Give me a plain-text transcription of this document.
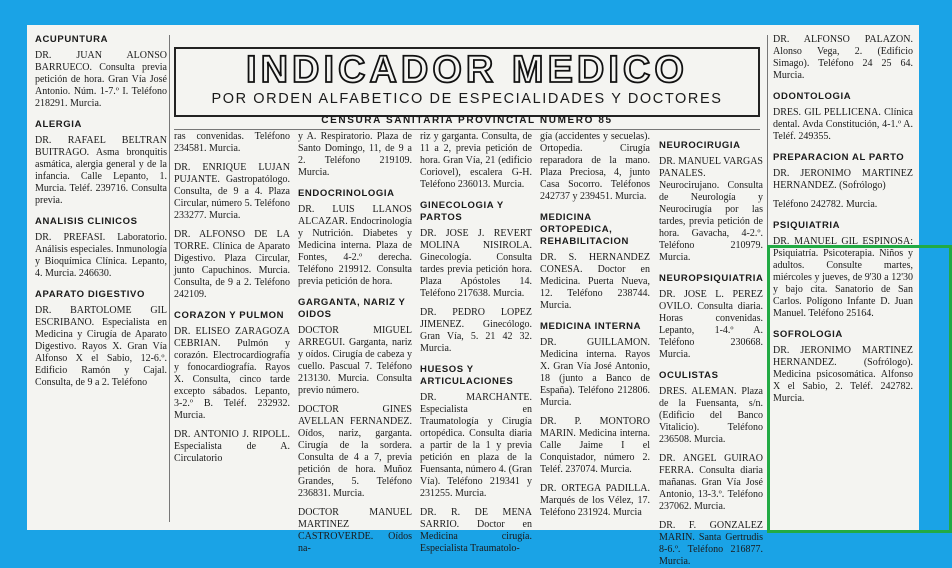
ACUPUNTURA
DR. JUAN ALONSO BARRUECO. Consulta previa petición de hora. Gran Vía José Antonio. Núm. 1-7.º I. Teléfono 218291. Murcia.
ALERGIA
DR. RAFAEL BELTRAN BUITRAGO. Asma bronquitis asmática, alergia general y de la infancia. Calle Lepanto, 1. Murcia. Teléf. 239716. Consulta previa.
ANALISIS CLINICOS
DR. PREFASI. Laboratorio. Análisis especiales. Inmunología y Bioquímica Clínica. Lepanto, 4. Murcia. 246630.
APARATO DIGESTIVO
DR. BARTOLOME GIL ESCRIBANO. Especialista en Medicina y Cirugía de Aparato Digestivo. Rayos X. Gran Vía Alfonso X el Sabio, 12-6.º. Edificio Ramón y Cajal. Consulta, de 9 a 2. Teléfono
INDICADOR MEDICO
POR ORDEN ALFABETICO DE ESPECIALIDADES Y DOCTORES
CENSURA SANITARIA PROVINCIAL NUMERO 85
ras convenidas. Teléfono 234581. Murcia.
DR. ENRIQUE LUJAN PUJANTE. Gastropatólogo. Consulta, de 9 a 4. Plaza Circular, número 5. Teléfono 233277. Murcia.
DR. ALFONSO DE LA TORRE. Clínica de Aparato Digestivo. Plaza Circular, junto Capuchinos. Murcia. Consulta, de 9 a 2. Teléfono 242109.
CORAZON Y PULMON
DR. ELISEO ZARAGOZA CEBRIAN. Pulmón y corazón. Electrocardiografía y fonocardiografía. Rayos X. Consulta, cinco tarde excepto sábados. Lepanto, 3-2.º B. Teléf. 232932. Murcia.
DR. ANTONIO J. RIPOLL. Especialista de A. Circulatorio
y A. Respiratorio. Plaza de Santo Domingo, 11, de 9 a 2. Teléfono 219109. Murcia.
ENDOCRINOLOGIA
DR. LUIS LLANOS ALCAZAR. Endocrinología y Nutrición. Diabetes y Medicina interna. Plaza de Fontes, 4-2.º derecha. Teléfono 219912. Consulta previa petición de hora.
GARGANTA, NARIZ Y OIDOS
DOCTOR MIGUEL ARREGUI. Garganta, nariz y oídos. Cirugía de cabeza y cuello. Pascual 7. Teléfono 213130. Murcia. Consulta previo número.
DOCTOR GINES AVELLAN FERNANDEZ. Oídos, nariz, garganta. Cirugía de la sordera. Consulta de 4 a 7, previa petición de hora. Muñoz Grandes, 5. Teléfono 236831. Murcia.
DOCTOR MANUEL MARTINEZ CASTROVERDE. Oídos na-
riz y garganta. Consulta, de 11 a 2, previa petición de hora. Gran Vía, 21 (edificio Coriovel), escalera G-H. Teléfono 236013. Murcia.
GINECOLOGIA Y PARTOS
DR. JOSE J. REVERT MOLINA NISIROLA. Ginecología. Consulta tardes previa petición hora. Plaza Apóstoles 14. Teléfono 217638. Murcia.
DR. PEDRO LOPEZ JIMENEZ. Ginecólogo. Gran Vía, 5. 21 42 32. Murcia.
HUESOS Y ARTICULACIONES
DR. MARCHANTE. Especialista en Traumatología y Cirugía ortopédica. Consulta diaria a partir de la 1 y previa petición en plaza de la Fuensanta, número 4. (Gran Vía). Teléfono 219341 y 231255. Murcia.
DR. R. DE MENA SARRIO. Doctor en Medicina cirugía. Especialista Traumatolo-
gía (accidentes y secuelas). Ortopedia. Cirugía reparadora de la mano. Plaza Preciosa, 4, junto Casa Socorro. Teléfonos 242737 y 239451. Murcia.
MEDICINA ORTOPEDICA, REHABILITACION
DR. S. HERNANDEZ CONESA. Doctor en Medicina. Puerta Nueva, 12. Teléfono 238744. Murcia.
MEDICINA INTERNA
DR. GUILLAMON. Medicina interna. Rayos X. Gran Vía José Antonio, 18 (junto a Banco de España). Teléfono 212806. Murcia.
DR. P. MONTORO MARIN. Medicina interna. Calle Jaime I el Conquistador, número 2. Teléf. 237074. Murcia.
DR. ORTEGA PADILLA. Marqués de los Vélez, 17. Teléfono 231924. Murcia
NEUROCIRUGIA
DR. MANUEL VARGAS PANALES. Neurocirujano. Consulta de Neurología y Neurocirugía por las tardes, previa petición de hora. Gavacha, 4-2.º. Teléfono 210979. Murcia.
NEUROPSIQUIATRIA
DR. JOSE L. PEREZ OVILO. Consulta diaria. Horas convenidas. Lepanto, 1-4.º A. Teléfono 230668. Murcia.
OCULISTAS
DRES. ALEMAN. Plaza de la Fuensanta, s/n. (Edificio del Banco Vitalicio). Teléfono 236508. Murcia.
DR. ANGEL GUIRAO FERRA. Consulta diaria mañanas. Gran Vía José Antonio, 13-3.º. Teléfono 237062. Murcia.
DR. F. GONZALEZ MARIN. Santa Gertrudis 8-6.º. Teléfono 216877. Murcia.
DR. ALFONSO PALAZON. Alonso Vega, 2. (Edificio Simago). Teléfono 24 25 64. Murcia.
ODONTOLOGIA
DRES. GIL PELLICENA. Clínica dental. Avda Constitución, 4-1.º A. Teléf. 249355.
PREPARACION AL PARTO
DR. JERONIMO MARTINEZ HERNANDEZ. (Sofrólogo)
Teléfono 242782. Murcia.
PSIQUIATRIA
DR. MANUEL GIL ESPINOSA: Psiquiatría. Psicoterapia. Niños y adultos. Consulte martes, miércoles y jueves, de 9'30 a 12'30 y bajo cita. Sanatorio de San Carlos. Polígono Infante D. Juan Manuel. Teléfono 25164.
SOFROLOGIA
DR. JERONIMO MARTINEZ HERNANDEZ. (Sofrólogo). Medicina psicosomática. Alfonso X el Sabio, 2. Teléf. 242782. Murcia.
